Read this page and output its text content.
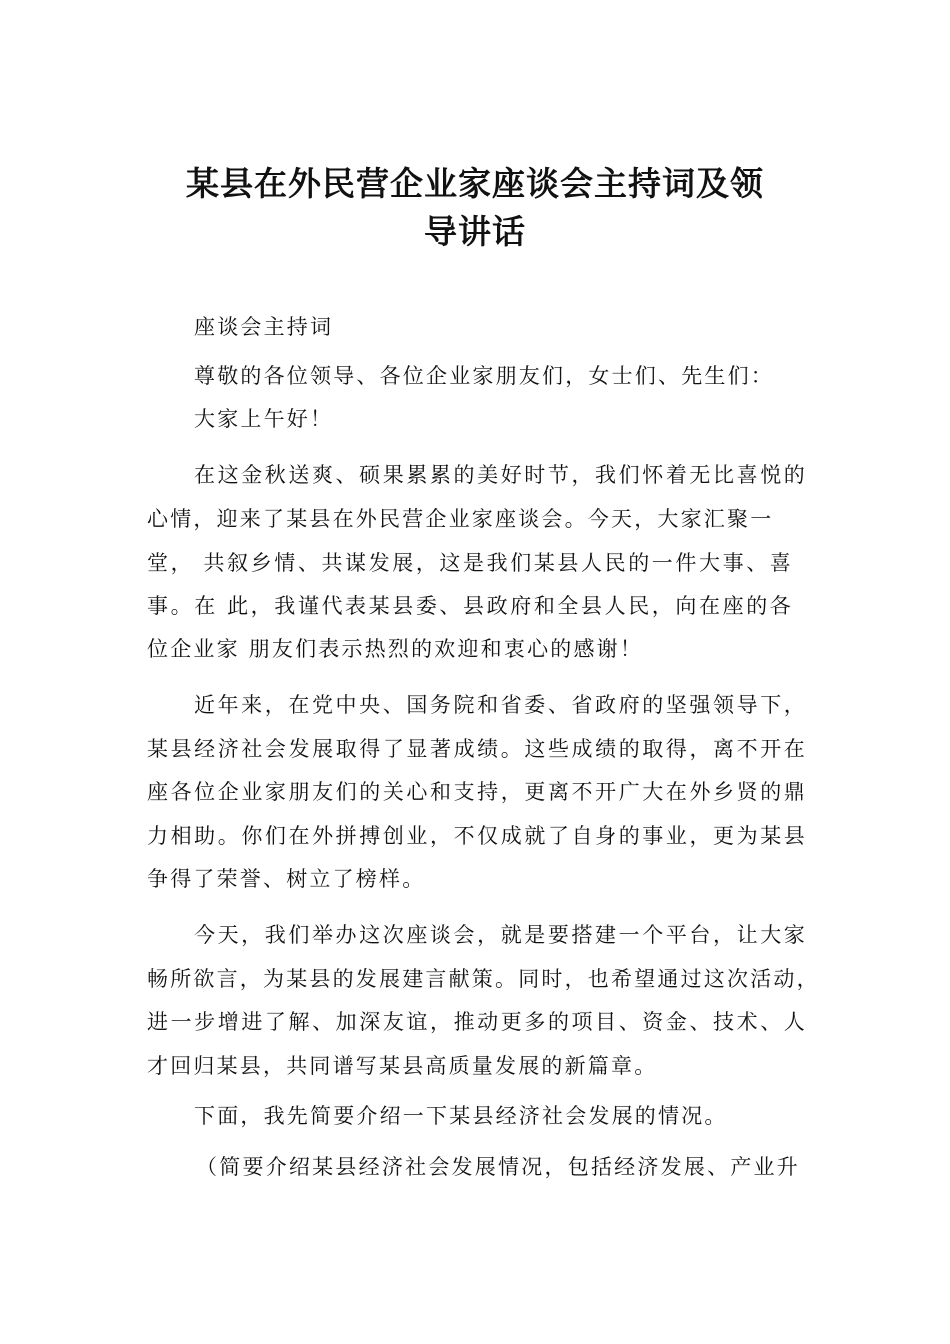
某县在外民营企业家座谈会主持词及领
导讲话

座谈会主持词

尊敬的各位领导、各位企业家朋友们，女士们、先生们：

大家上午好！

在这金秋送爽、硕果累累的美好时节，我们怀着无比喜悦的

心情，迎来了某县在外民营企业家座谈会。今天，大家汇聚一

堂， 共叙乡情、共谋发展，这是我们某县人民的一件大事、喜

事。在 此，我谨代表某县委、县政府和全县人民，向在座的各

位企业家 朋友们表示热烈的欢迎和衷心的感谢！

近年来，在党中央、国务院和省委、省政府的坚强领导下，

某县经济社会发展取得了显著成绩。这些成绩的取得，离不开在

座各位企业家朋友们的关心和支持，更离不开广大在外乡贤的鼎

力相助。你们在外拼搏创业，不仅成就了自身的事业，更为某县

争得了荣誉、树立了榜样。

今天，我们举办这次座谈会，就是要搭建一个平台，让大家

畅所欲言，为某县的发展建言献策。同时，也希望通过这次活动，

进一步增进了解、加深友谊，推动更多的项目、资金、技术、人

才回归某县，共同谱写某县高质量发展的新篇章。

下面，我先简要介绍一下某县经济社会发展的情况。

（简要介绍某县经济社会发展情况，包括经济发展、产业升
